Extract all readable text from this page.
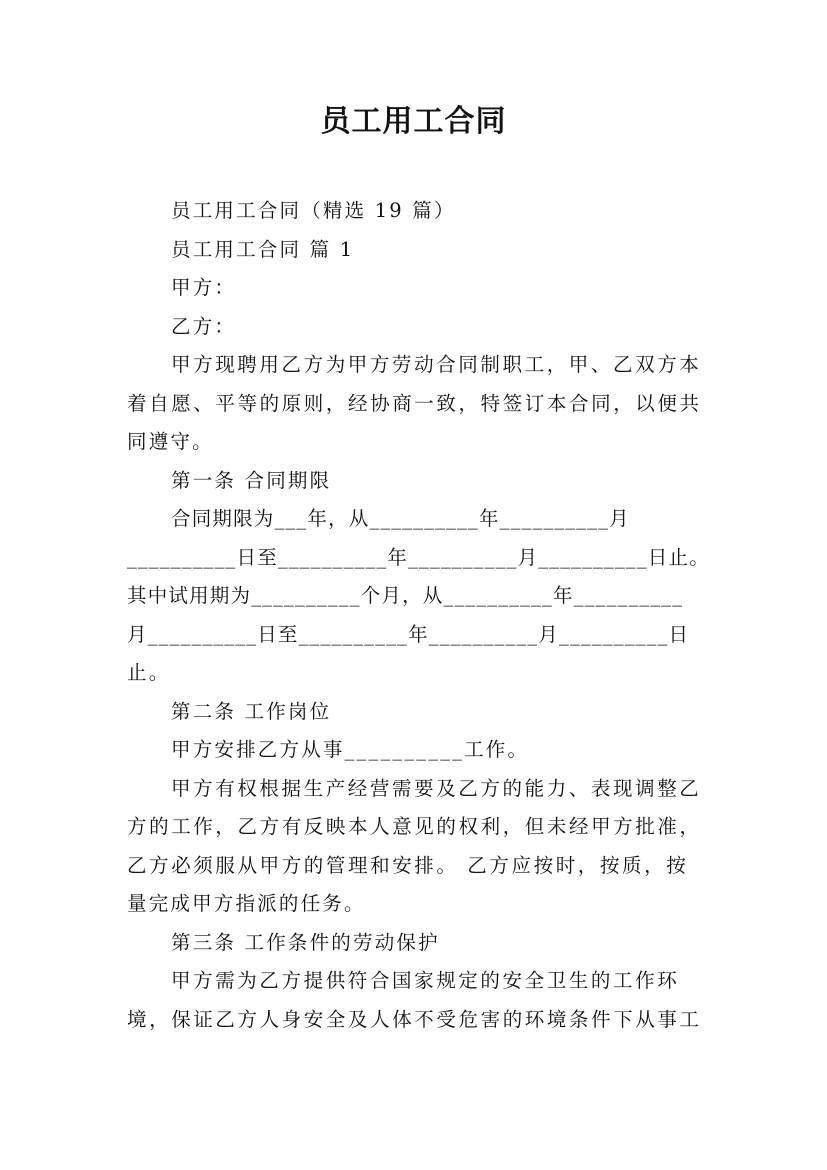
员工用工合同

员工用工合同（精选 19 篇）

员工用工合同 篇 1

甲方：

乙方：

甲方现聘用乙方为甲方劳动合同制职工，甲、乙双方本

着自愿、平等的原则，经协商一致，特签订本合同，以便共

同遵守。

第一条 合同期限

合同期限为___年，从__________年__________月

__________日至__________年__________月__________日止。

其中试用期为__________个月，从__________年__________

月__________日至__________年__________月__________日

止。

第二条 工作岗位

甲方安排乙方从事__________工作。

甲方有权根据生产经营需要及乙方的能力、表现调整乙

方的工作，乙方有反映本人意见的权利，但未经甲方批准，

乙方必须服从甲方的管理和安排。 乙方应按时，按质，按

量完成甲方指派的任务。

第三条 工作条件的劳动保护

甲方需为乙方提供符合国家规定的安全卫生的工作环

境，保证乙方人身安全及人体不受危害的环境条件下从事工
